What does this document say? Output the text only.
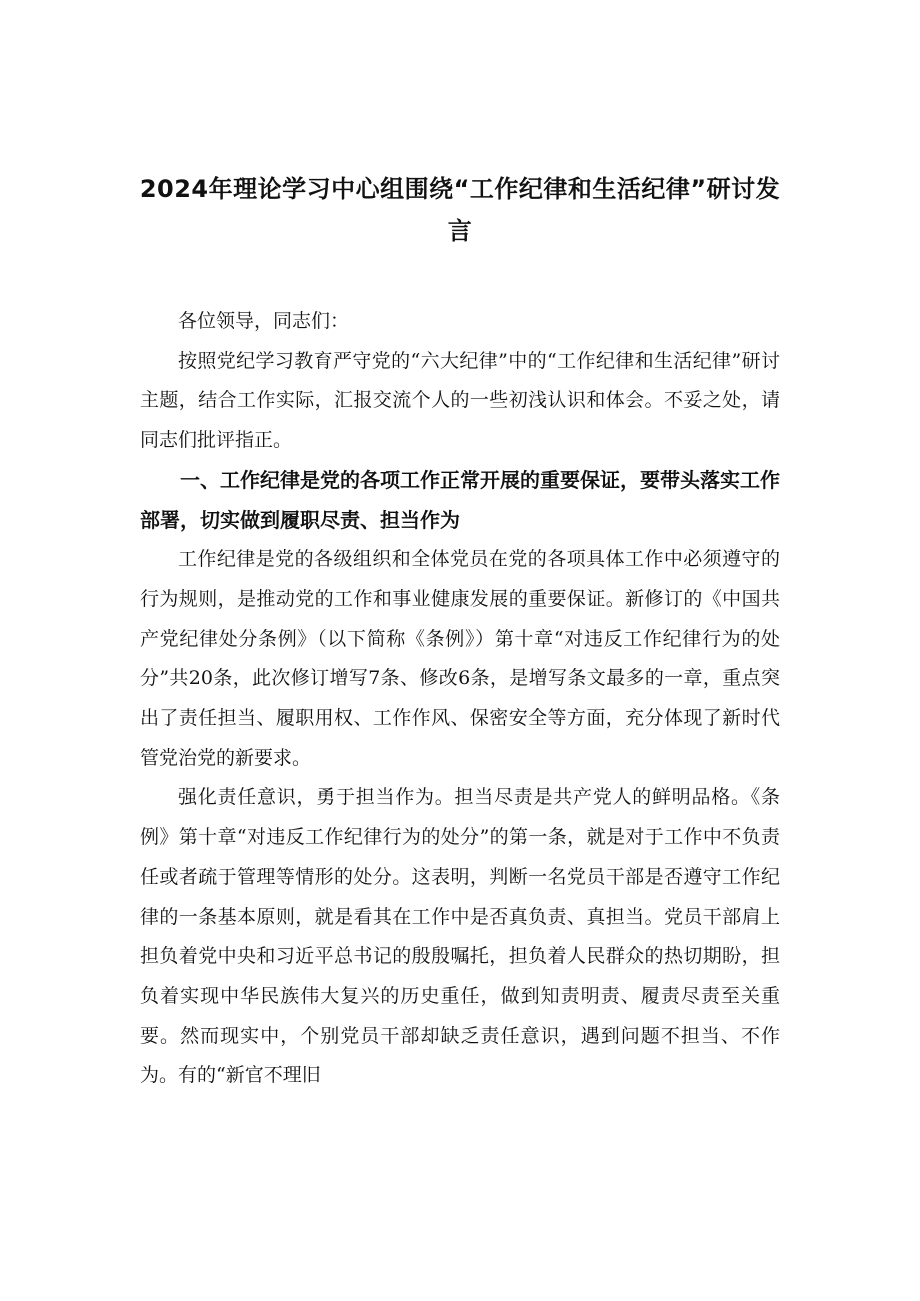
2024年理论学习中心组围绕“工作纪律和生活纪律”研讨发言

各位领导，同志们：

按照党纪学习教育严守党的“六大纪律”中的“工作纪律和生活纪律”研讨主题，结合工作实际，汇报交流个人的一些初浅认识和体会。不妥之处，请同志们批评指正。

一、工作纪律是党的各项工作正常开展的重要保证，要带头落实工作部署，切实做到履职尽责、担当作为

工作纪律是党的各级组织和全体党员在党的各项具体工作中必须遵守的行为规则，是推动党的工作和事业健康发展的重要保证。新修订的《中国共产党纪律处分条例》（以下简称《条例》）第十章“对违反工作纪律行为的处分”共20条，此次修订增写7条、修改6条，是增写条文最多的一章，重点突出了责任担当、履职用权、工作作风、保密安全等方面，充分体现了新时代管党治党的新要求。

强化责任意识，勇于担当作为。担当尽责是共产党人的鲜明品格。《条例》第十章“对违反工作纪律行为的处分”的第一条，就是对于工作中不负责任或者疏于管理等情形的处分。这表明，判断一名党员干部是否遵守工作纪律的一条基本原则，就是看其在工作中是否真负责、真担当。党员干部肩上担负着党中央和习近平总书记的殷殷嘱托，担负着人民群众的热切期盼，担负着实现中华民族伟大复兴的历史重任，做到知责明责、履责尽责至关重要。然而现实中，个别党员干部却缺乏责任意识，遇到问题不担当、不作为。有的“新官不理旧
